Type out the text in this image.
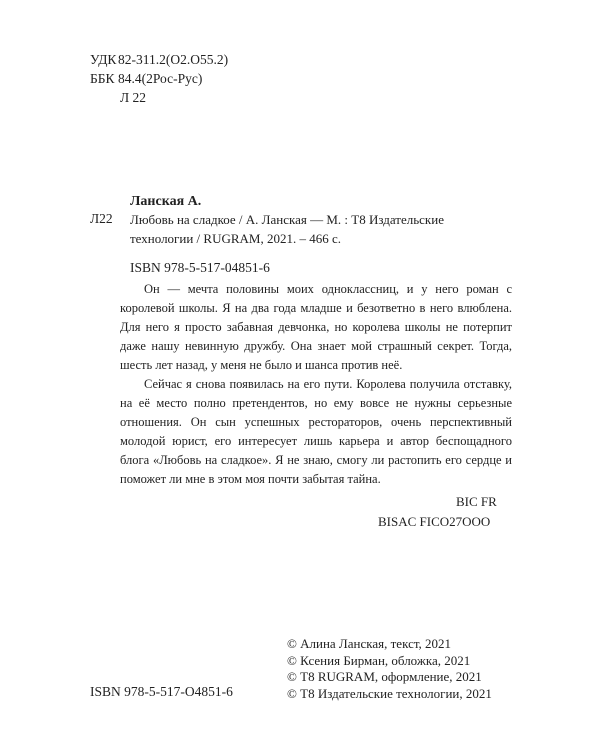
УДК 82-311.2(O2.O55.2)
ББК 84.4(2Рос-Рус)
Л 22
Ланская А.
Л22 Любовь на сладкое / А. Ланская — М. : Т8 Издательские технологии / RUGRAM, 2021. – 466 с.
ISBN 978-5-517-04851-6

Он — мечта половины моих одноклассниц, и у него роман с королевой школы. Я на два года младше и безответно в него влюблена. Для него я просто забавная девчонка, но королева школы не потерпит даже нашу невинную дружбу. Она знает мой страшный секрет. Тогда, шесть лет назад, у меня не было и шанса против неё.

Сейчас я снова появилась на его пути. Королева получила отставку, на её место полно претендентов, но ему вовсе не нужны серьезные отношения. Он сын успешных рестораторов, очень перспективный молодой юрист, его интересует лишь карьера и автор беспощадного блога «Любовь на сладкое». Я не знаю, смогу ли растопить его сердце и поможет ли мне в этом моя почти забытая тайна.

BIC FR
BISAC FICO27OOO
ISBN 978-5-517-O4851-6
© Алина Ланская, текст, 2021
© Ксения Бирман, обложка, 2021
© Т8 RUGRAM, оформление, 2021
© Т8 Издательские технологии, 2021
